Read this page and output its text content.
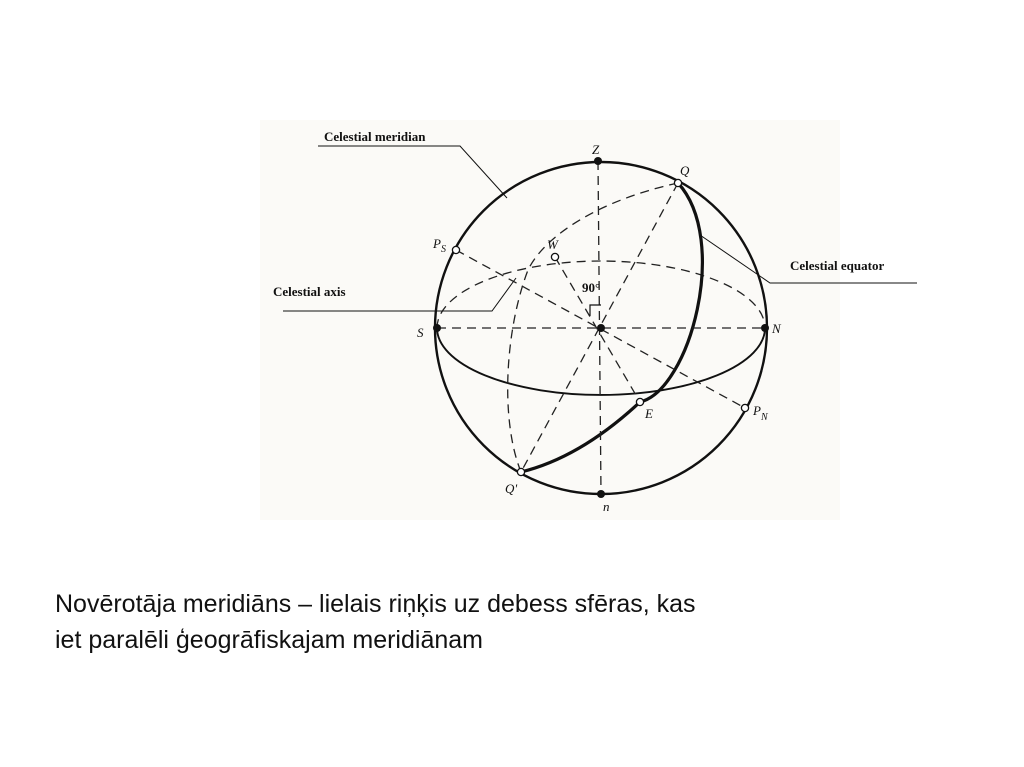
Celestial meridian
Celestial equator
Celestial axis	90°
Z
Q
$P_S$	W
S	N
E	$P_N$
Q'
n
Novērotāja meridiāns – lielais riņķis uz debess sfēras, kas
iet paralēli ģeogrāfiskajam meridiānam
